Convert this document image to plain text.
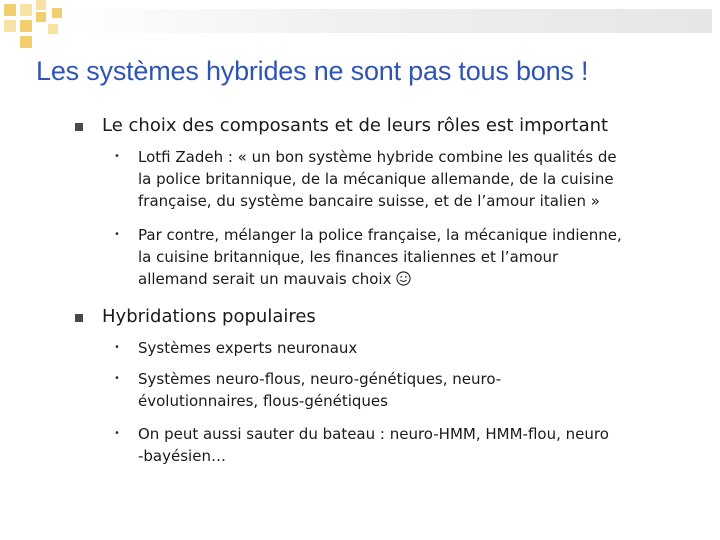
Les systèmes hybrides ne sont pas tous bons !
Le choix des composants et de leurs rôles est important
• Lotfi Zadeh : « un bon système hybride combine les qualités de
la police britannique, de la mécanique allemande, de la cuisine
française, du système bancaire suisse, et de l’amour italien »
• Par contre, mélanger la police française, la mécanique indienne,
la cuisine britannique, les finances italiennes et l’amour
allemand serait un mauvais choix
Hybridations populaires
• Systèmes experts neuronaux
• Systèmes neuro-flous, neuro-génétiques, neuro-
évolutionnaires, flous-génétiques
• On peut aussi sauter du bateau : neuro-HMM, HMM-flou, neuro
-bayésien…
